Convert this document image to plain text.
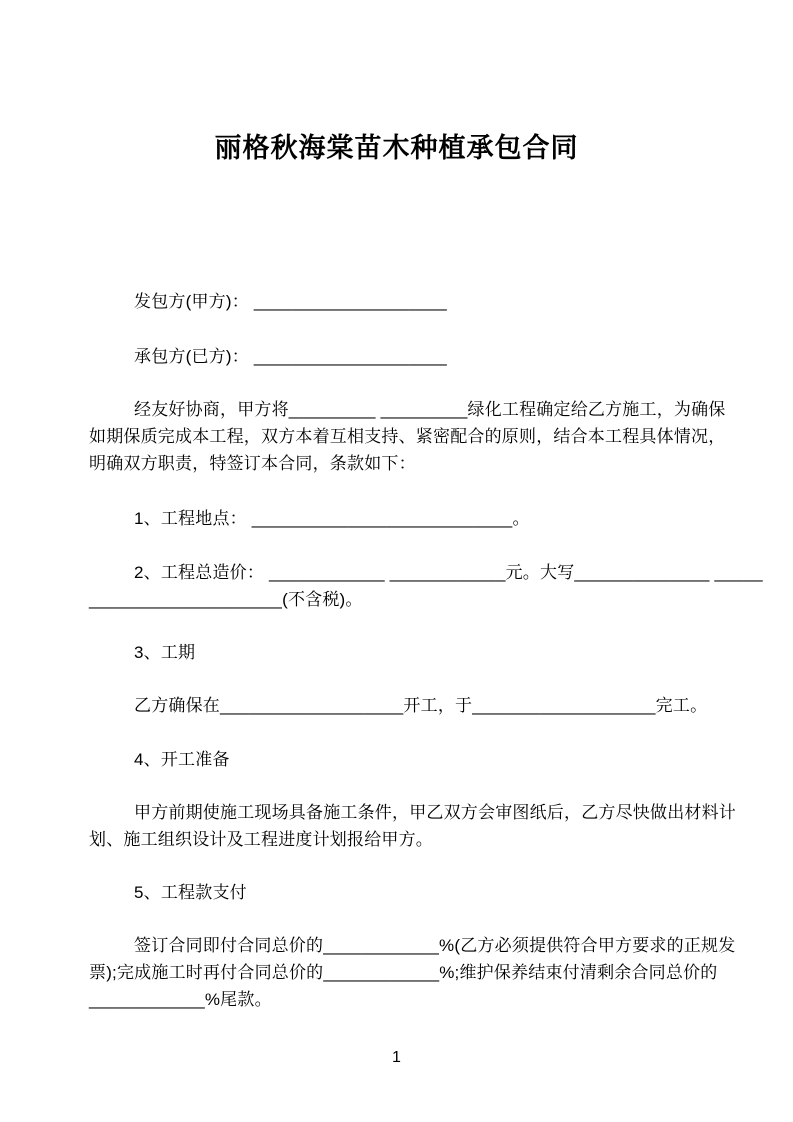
丽格秋海棠苗木种植承包合同
发包方(甲方)： ____________________
承包方(已方)： ____________________
经友好协商，甲方将_________ _________绿化工程确定给乙方施工，为确保
如期保质完成本工程，双方本着互相支持、紧密配合的原则，结合本工程具体情况，
明确双方职责，特签订本合同，条款如下：
1、工程地点： ___________________________。
2、工程总造价： ____________ ____________元。大写______________ _____
____________________(不含税)。
3、工期
乙方确保在___________________开工，于___________________完工。
4、开工准备
甲方前期使施工现场具备施工条件，甲乙双方会审图纸后，乙方尽快做出材料计
划、施工组织设计及工程进度计划报给甲方。
5、工程款支付
签订合同即付合同总价的____________%(乙方必须提供符合甲方要求的正规发
票);完成施工时再付合同总价的____________%;维护保养结束付清剩余合同总价的
____________%尾款。
1
